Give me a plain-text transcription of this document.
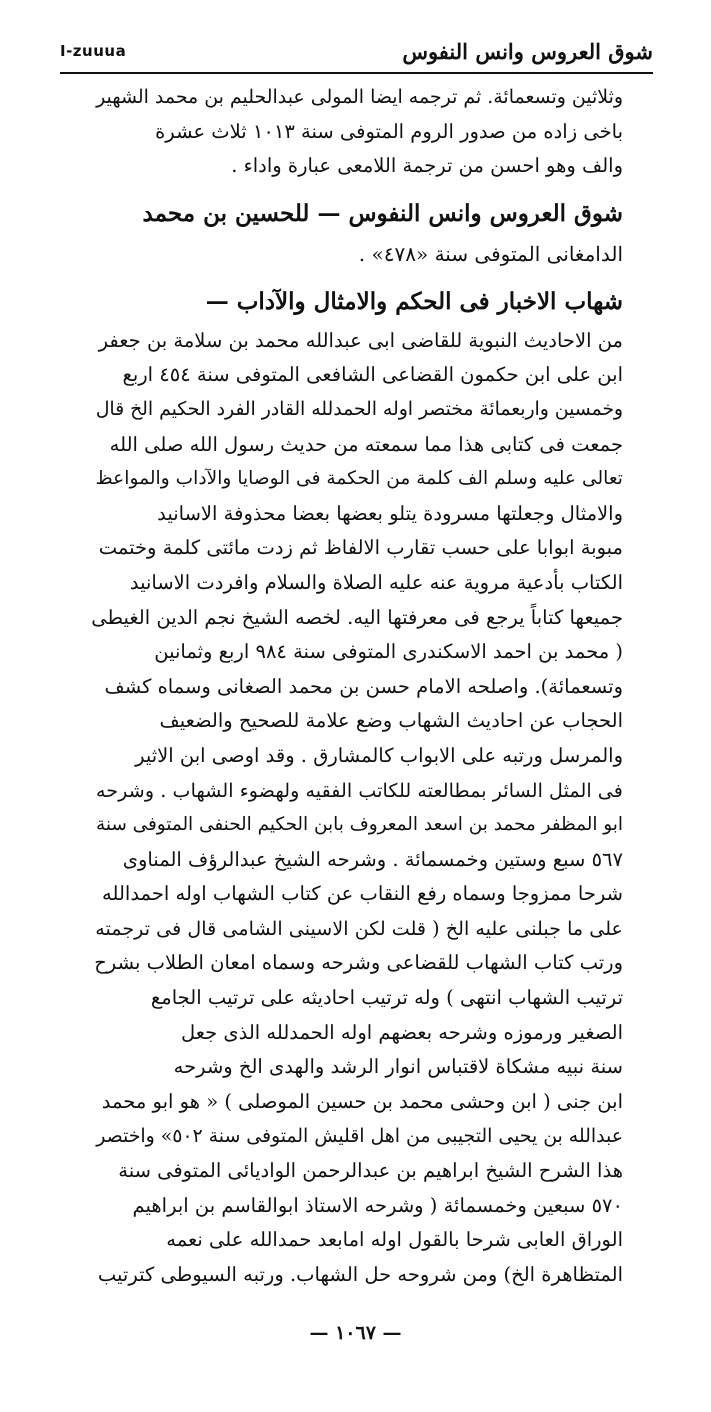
I-zuuua	شوق العروس وانس النفوس
وثلاثين وتسعمائة. ثم ترجمه ايضا المولى عبدالحليم بن محمد الشهير
باخى زاده من صدور الروم المتوفى سنة ١٠١٣ ثلاث عشرة
والف وهو احسن من ترجمة اللامعى عبارة واداء .
شوق العروس وانس النفوس — للحسين بن محمد
الدامغانى المتوفى سنة «٤٧٨» .
شهاب الاخبار فى الحكم والامثال والآداب —
من الاحاديث النبوية للقاضى ابى عبدالله محمد بن سلامة بن جعفر
ابن على ابن حكمون القضاعى الشافعى المتوفى سنة ٤٥٤ اربع
وخمسين واربعمائة مختصر اوله الحمدلله القادر الفرد الحكيم الخ قال
جمعت فى كتابى هذا مما سمعته من حديث رسول الله صلى الله
تعالى عليه وسلم الف كلمة من الحكمة فى الوصايا والآداب والمواعظ
والامثال وجعلتها مسرودة يتلو بعضها بعضا محذوفة الاسانيد
مبوبة ابوابا على حسب تقارب الالفاظ ثم زدت مائتى كلمة وختمت
الكتاب بأدعية مروية عنه عليه الصلاة والسلام وافردت الاسانيد
جميعها كتاباً يرجع فى معرفتها اليه. لخصه الشيخ نجم الدين الغيطى
( محمد بن احمد الاسكندرى المتوفى سنة ٩٨٤ اربع وثمانين
وتسعمائة). واصلحه الامام حسن بن محمد الصغانى وسماه كشف
الحجاب عن احاديث الشهاب وضع علامة للصحيح والضعيف
والمرسل ورتبه على الابواب كالمشارق . وقد اوصى ابن الاثير
فى المثل السائر بمطالعته للكاتب الفقيه ولهضوء الشهاب . وشرحه
ابو المظفر محمد بن اسعد المعروف بابن الحكيم الحنفى المتوفى سنة
٥٦٧ سبع وستين وخمسمائة . وشرحه الشيخ عبدالرؤف المناوى
شرحا ممزوجا وسماه رفع النقاب عن كتاب الشهاب اوله احمدالله
على ما جبلنى عليه الخ ( قلت لكن الاسينى الشامى قال فى ترجمته
ورتب كتاب الشهاب للقضاعى وشرحه وسماه امعان الطلاب بشرح
ترتيب الشهاب انتهى ) وله ترتيب احاديثه على ترتيب الجامع
الصغير ورموزه وشرحه بعضهم اوله الحمدلله الذى جعل
سنة نبيه مشكاة لاقتباس انوار الرشد والهدى الخ وشرحه
ابن جنى ( ابن وحشى محمد بن حسين الموصلى ) « هو ابو محمد
عبدالله بن يحيى التجيبى من اهل اقليش المتوفى سنة ٥٠٢» واختصر
هذا الشرح الشيخ ابراهيم بن عبدالرحمن الواديائى المتوفى سنة
٥٧٠ سبعين وخمسمائة ( وشرحه الاستاذ ابوالقاسم بن ابراهيم
الوراق العابى شرحا بالقول اوله امابعد حمدالله على نعمه
المتظاهرة الخ) ومن شروحه حل الشهاب. ورتبه السيوطى كترتيب
— ١٠٦٧ —
